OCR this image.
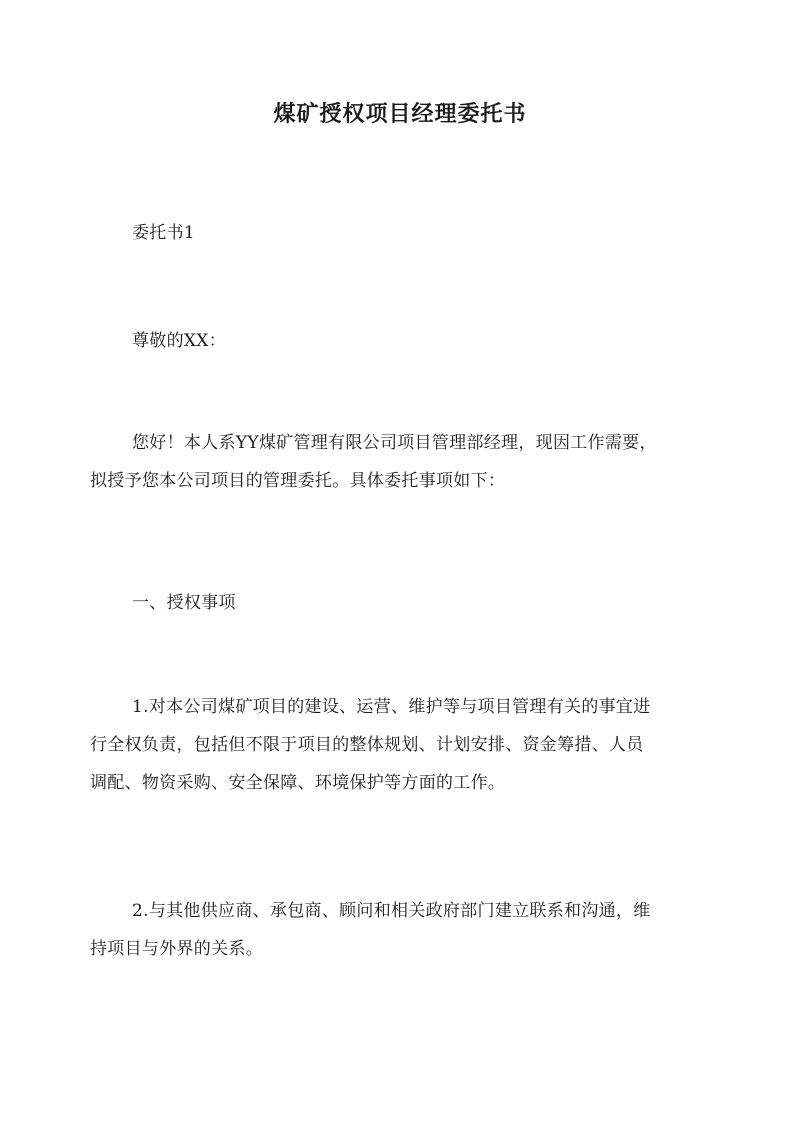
煤矿授权项目经理委托书
委托书1
尊敬的XX：
您好！本人系YY煤矿管理有限公司项目管理部经理，现因工作需要，
拟授予您本公司项目的管理委托。具体委托事项如下：
一、授权事项
1.对本公司煤矿项目的建设、运营、维护等与项目管理有关的事宜进
行全权负责，包括但不限于项目的整体规划、计划安排、资金筹措、人员
调配、物资采购、安全保障、环境保护等方面的工作。
2.与其他供应商、承包商、顾问和相关政府部门建立联系和沟通，维
持项目与外界的关系。
